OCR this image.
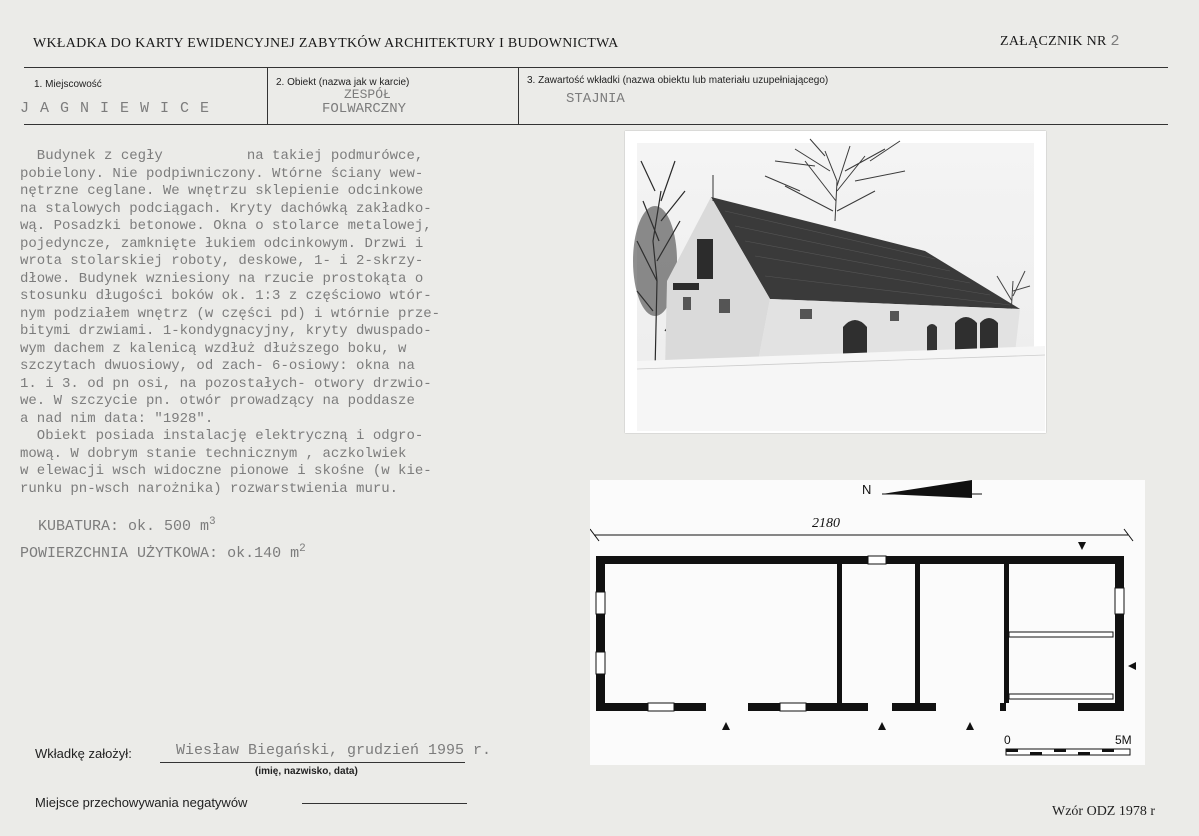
WKŁADKA DO KARTY EWIDENCYJNEJ ZABYTKÓW ARCHITEKTURY I BUDOWNICTWA	ZAŁĄCZNIK NR 2
1. Miejscowość
JAGNIEWICE
2. Obiekt (nazwa jak w karcie)
ZESPÓŁ
FOLWARCZNY
3. Zawartość wkładki (nazwa obiektu lub materiału uzupełniającego)
STAJNIA
Budynek z cegły          na takiej podmurówce,
pobielony. Nie podpiwniczony. Wtórne ściany wew-
nętrzne ceglane. We wnętrzu sklepienie odcinkowe
na stalowych podciągach. Kryty dachówką zakładko-
wą. Posadzki betonowe. Okna o stolarce metalowej,
pojedyncze, zamknięte łukiem odcinkowym. Drzwi i
wrota stolarskiej roboty, deskowe, 1- i 2-skrzy-
dłowe. Budynek wzniesiony na rzucie prostokąta o
stosunku długości boków ok. 1:3 z częściowo wtór-
nym podziałem wnętrz (w części pd) i wtórnie prze-
bitymi drzwiami. 1-kondygnacyjny, kryty dwuspado-
wym dachem z kalenicą wzdłuż dłuższego boku, w
szczytach dwuosiowy, od zach- 6-osiowy: okna na
1. i 3. od pn osi, na pozostałych- otwory drzwio-
we. W szczycie pn. otwór prowadzący na poddasze
a nad nim data: "1928".
Obiekt posiada instalację elektryczną i odgro-
mową. W dobrym stanie technicznym , aczkolwiek
w elewacji wsch widoczne pionowe i skośne (w kie-
runku pn-wsch narożnika) rozwarstwienia muru.
KUBATURA: ok. 500 $m^3$
POWIERZCHNIA UŻYTKOWA: ok.140 $m^2$
N
2180
0	5M
Wkładkę założył:	Wiesław Biegański, grudzień 1995 r.
(imię, nazwisko, data)
Miejsce przechowywania negatywów
Wzór ODZ 1978 r
